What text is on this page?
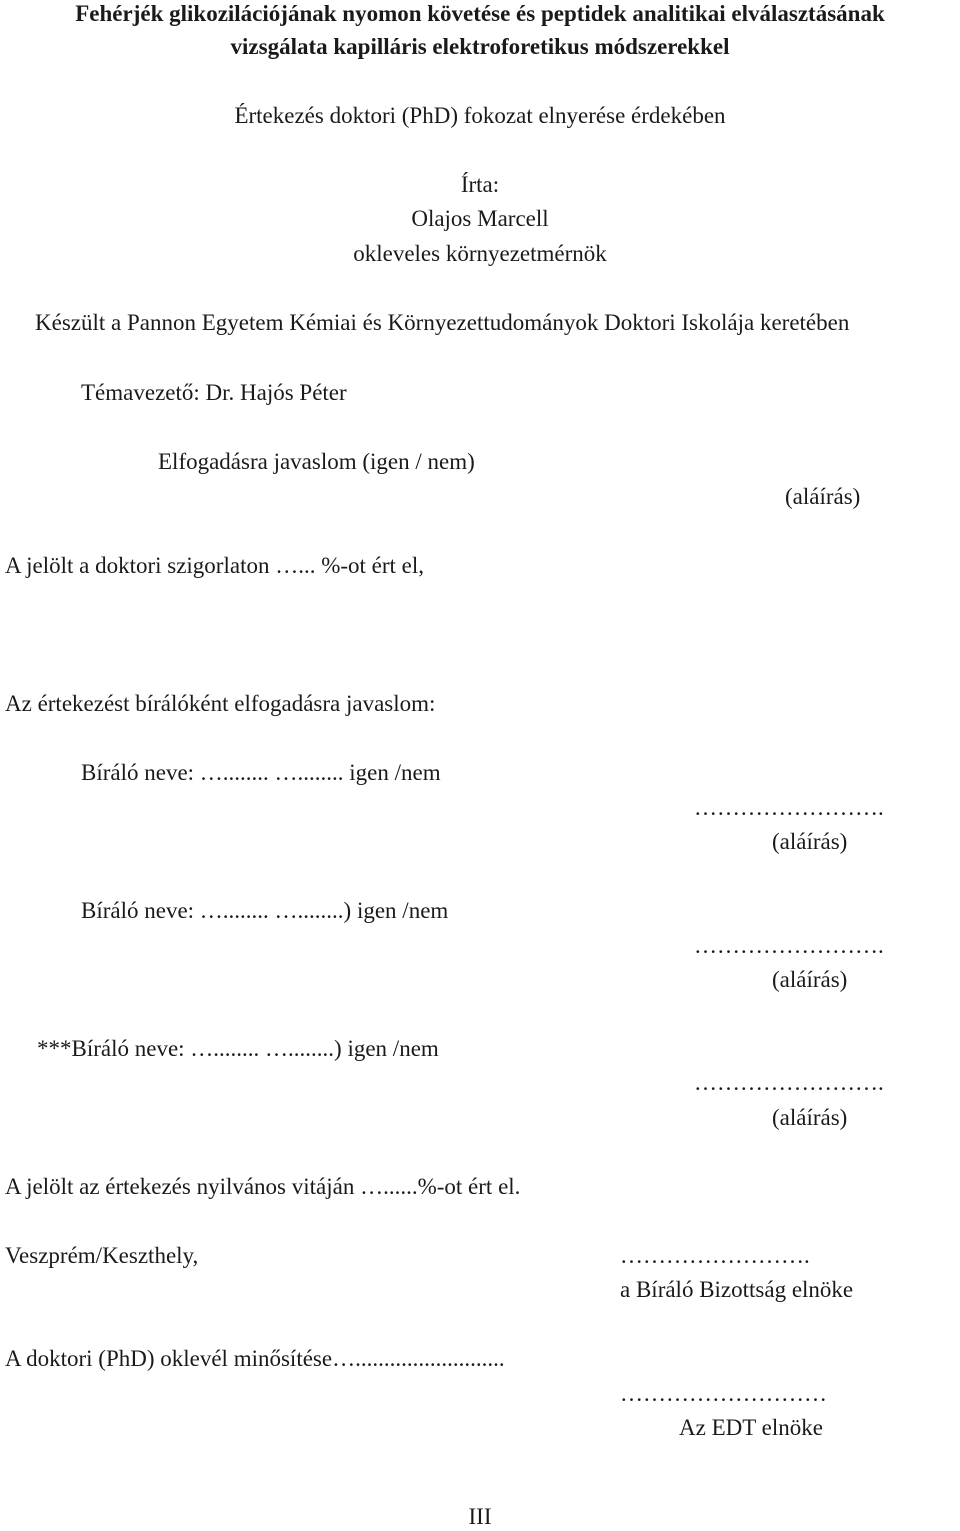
Fehérjék glikozilációjának nyomon követése és peptidek analitikai elválasztásának
vizsgálata kapilláris elektroforetikus módszerekkel
Értekezés doktori (PhD) fokozat elnyerése érdekében
Írta:
Olajos Marcell
okleveles környezetmérnök
Készült a Pannon Egyetem Kémiai és Környezettudományok Doktori Iskolája keretében
Témavezető: Dr. Hajós Péter
Elfogadásra javaslom (igen / nem)
(aláírás)
A jelölt a doktori szigorlaton …... %-ot ért el,
Az értekezést bírálóként elfogadásra javaslom:
Bíráló neve: …........ …........ igen /nem
…………………….
(aláírás)
Bíráló neve: …........ …........) igen /nem
…………………….
(aláírás)
***Bíráló neve: …........ …........) igen /nem
…………………….
(aláírás)
A jelölt az értekezés nyilvános vitáján …......%-ot ért el.
Veszprém/Keszthely,	…………………….
a Bíráló Bizottság elnöke
A doktori (PhD) oklevél minősítése…..........................
………………………
Az EDT elnöke
III
